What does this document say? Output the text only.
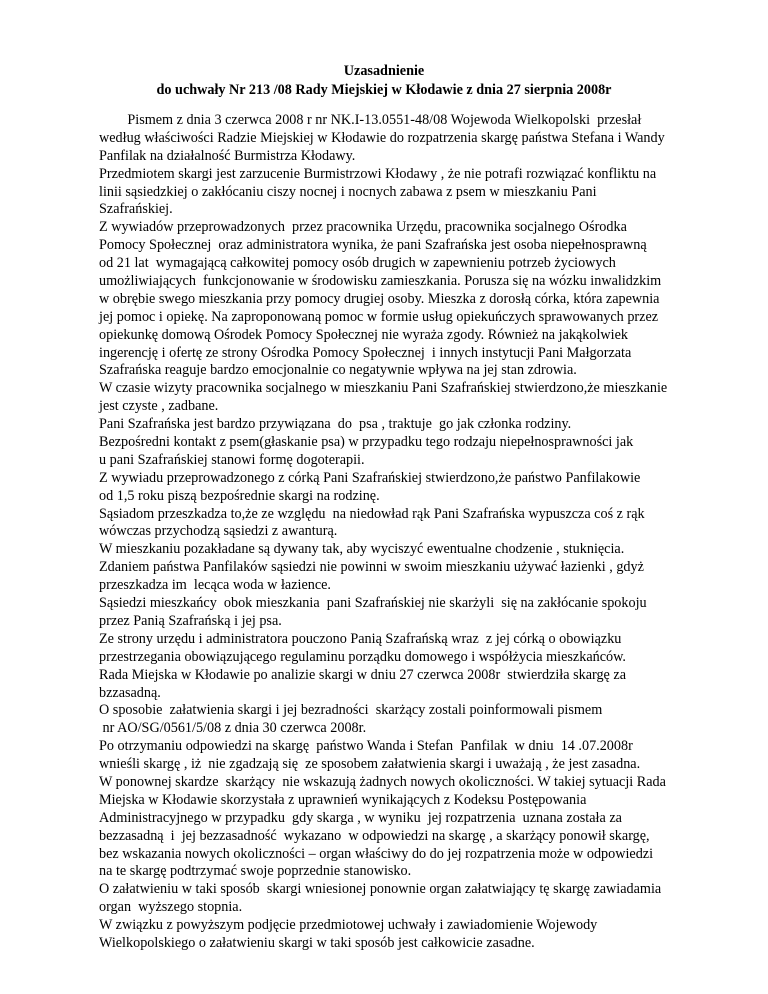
Uzasadnienie
do uchwały Nr 213 /08 Rady Miejskiej w Kłodawie z dnia 27 sierpnia 2008r
Pismem z dnia 3 czerwca 2008 r nr NK.I-13.0551-48/08 Wojewoda Wielkopolski  przesłał
według właściwości Radzie Miejskiej w Kłodawie do rozpatrzenia skargę państwa Stefana i Wandy
Panfilak na działalność Burmistrza Kłodawy.
Przedmiotem skargi jest zarzucenie Burmistrzowi Kłodawy , że nie potrafi rozwiązać konfliktu na
linii sąsiedzkiej o zakłócaniu ciszy nocnej i nocnych zabawa z psem w mieszkaniu Pani
Szafrańskiej.
Z wywiadów przeprowadzonych  przez pracownika Urzędu, pracownika socjalnego Ośrodka
Pomocy Społecznej  oraz administratora wynika, że pani Szafrańska jest osoba niepełnosprawną
od 21 lat  wymagającą całkowitej pomocy osób drugich w zapewnieniu potrzeb życiowych
umożliwiających  funkcjonowanie w środowisku zamieszkania. Porusza się na wózku inwalidzkim
w obrębie swego mieszkania przy pomocy drugiej osoby. Mieszka z dorosłą córka, która zapewnia
jej pomoc i opiekę. Na zaproponowaną pomoc w formie usług opiekuńczych sprawowanych przez
opiekunkę domową Ośrodek Pomocy Społecznej nie wyraża zgody. Również na jakąkolwiek
ingerencję i ofertę ze strony Ośrodka Pomocy Społecznej  i innych instytucji Pani Małgorzata
Szafrańska reaguje bardzo emocjonalnie co negatywnie wpływa na jej stan zdrowia.
W czasie wizyty pracownika socjalnego w mieszkaniu Pani Szafrańskiej stwierdzono,że mieszkanie
jest czyste , zadbane.
Pani Szafrańska jest bardzo przywiązana  do  psa , traktuje  go jak członka rodziny.
Bezpośredni kontakt z psem(głaskanie psa) w przypadku tego rodzaju niepełnosprawności jak
u pani Szafrańskiej stanowi formę dogoterapii.
Z wywiadu przeprowadzonego z córką Pani Szafrańskiej stwierdzono,że państwo Panfilakowie
od 1,5 roku piszą bezpośrednie skargi na rodzinę.
Sąsiadom przeszkadza to,że ze względu  na niedowład rąk Pani Szafrańska wypuszcza coś z rąk
wówczas przychodzą sąsiedzi z awanturą.
W mieszkaniu pozakładane są dywany tak, aby wyciszyć ewentualne chodzenie , stuknięcia.
Zdaniem państwa Panfilaków sąsiedzi nie powinni w swoim mieszkaniu używać łazienki , gdyż
przeszkadza im  lecąca woda w łazience.
Sąsiedzi mieszkańcy  obok mieszkania  pani Szafrańskiej nie skarżyli  się na zakłócanie spokoju
przez Panią Szafrańską i jej psa.
Ze strony urzędu i administratora pouczono Panią Szafrańską wraz  z jej córką o obowiązku
przestrzegania obowiązującego regulaminu porządku domowego i współżycia mieszkańców.
Rada Miejska w Kłodawie po analizie skargi w dniu 27 czerwca 2008r  stwierdziła skargę za
bzzasadną.
O sposobie  załatwienia skargi i jej bezradności  skarżący zostali poinformowali pismem
nr AO/SG/0561/5/08 z dnia 30 czerwca 2008r.
Po otrzymaniu odpowiedzi na skargę  państwo Wanda i Stefan  Panfilak  w dniu  14 .07.2008r
wnieśli skargę , iż  nie zgadzają się  ze sposobem załatwienia skargi i uważają , że jest zasadna.
W ponownej skardze  skarżący  nie wskazują żadnych nowych okoliczności. W takiej sytuacji Rada
Miejska w Kłodawie skorzystała z uprawnień wynikających z Kodeksu Postępowania
Administracyjnego w przypadku  gdy skarga , w wyniku  jej rozpatrzenia  uznana została za
bezzasadną  i  jej bezzasadność  wykazano  w odpowiedzi na skargę , a skarżący ponowił skargę,
bez wskazania nowych okoliczności – organ właściwy do do jej rozpatrzenia może w odpowiedzi
na te skargę podtrzymać swoje poprzednie stanowisko.
O załatwieniu w taki sposób  skargi wniesionej ponownie organ załatwiający tę skargę zawiadamia
organ  wyższego stopnia.
W związku z powyższym podjęcie przedmiotowej uchwały i zawiadomienie Wojewody
Wielkopolskiego o załatwieniu skargi w taki sposób jest całkowicie zasadne.
